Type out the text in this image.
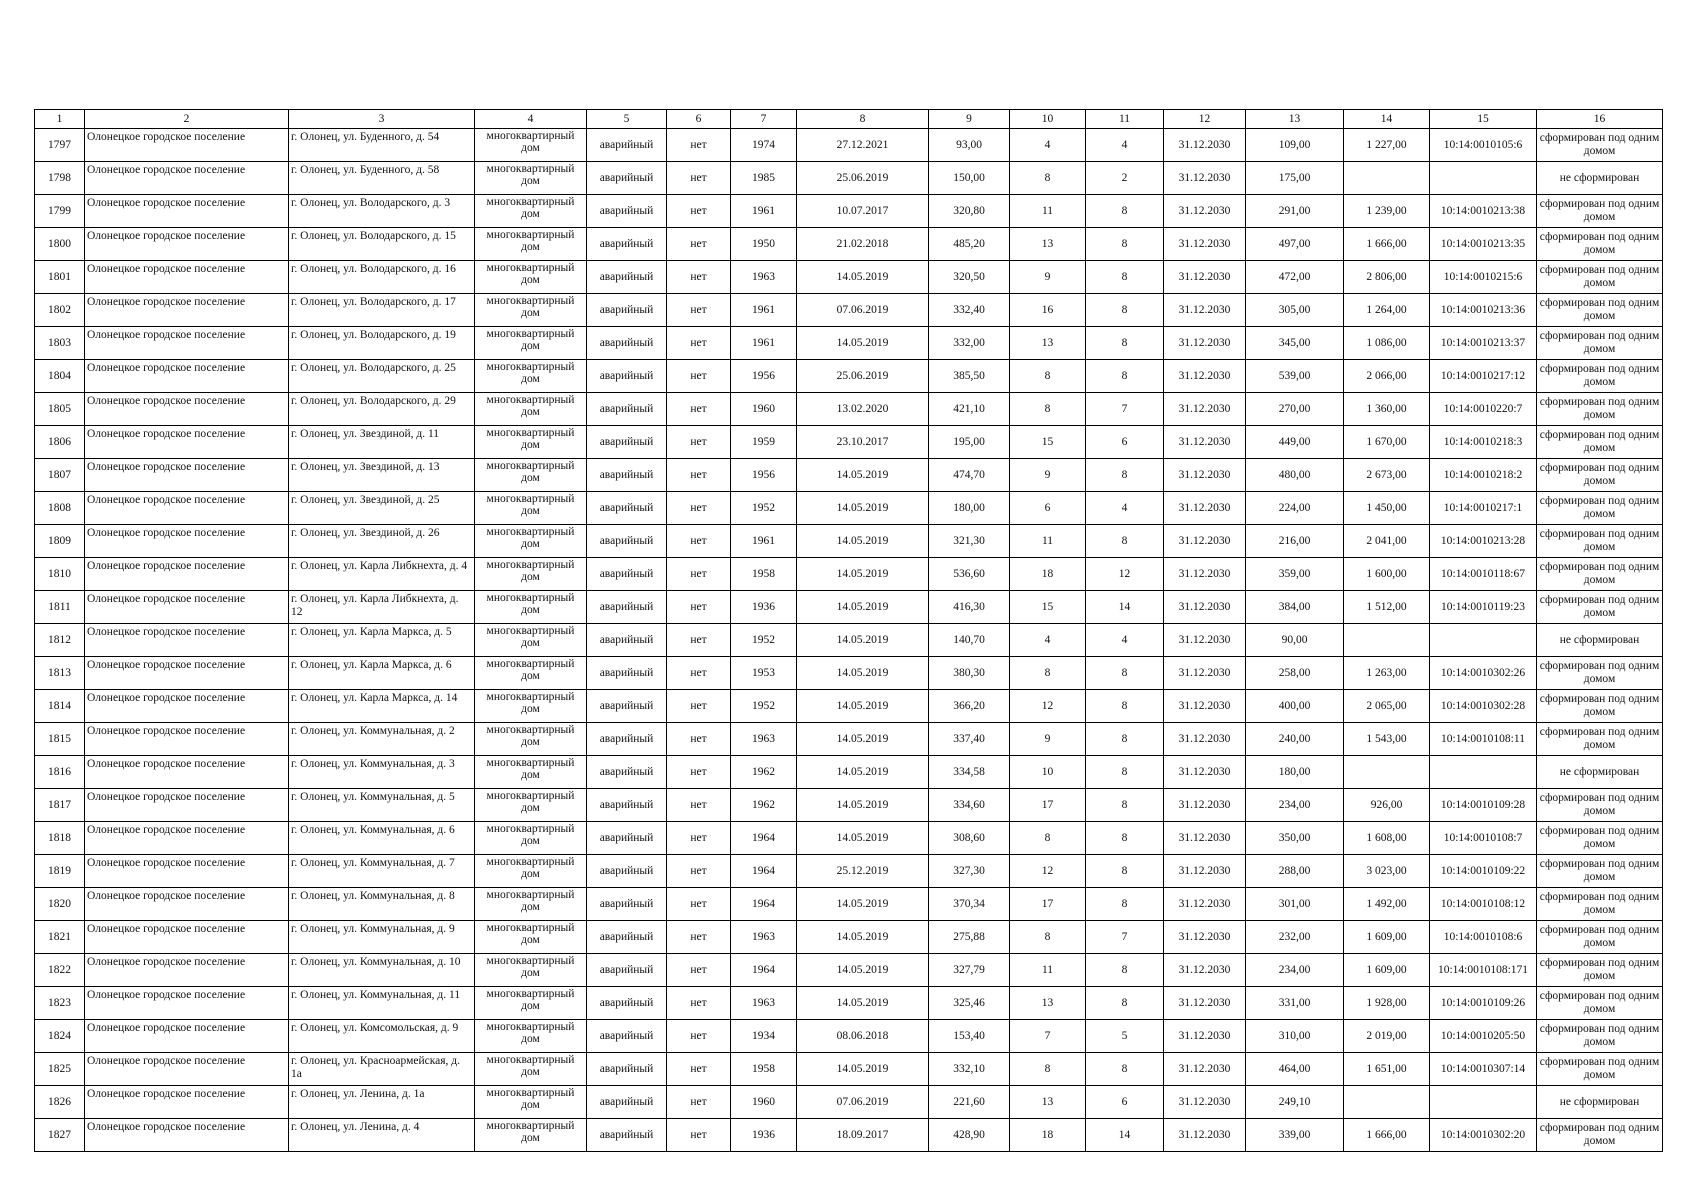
1	2	3	4	5	6	7	8	9	10	11	12	13	14	15	16
1797	Олонецкое городское поселение	г. Олонец, ул. Буденного, д. 54	многоквартирный дом	аварийный	нет	1974	27.12.2021	93,00	4	4	31.12.2030	109,00	1 227,00	10:14:0010105:6	сформирован под одним домом
1798	Олонецкое городское поселение	г. Олонец, ул. Буденного, д. 58	многоквартирный дом	аварийный	нет	1985	25.06.2019	150,00	8	2	31.12.2030	175,00			не сформирован
1799	Олонецкое городское поселение	г. Олонец, ул. Володарского, д. 3	многоквартирный дом	аварийный	нет	1961	10.07.2017	320,80	11	8	31.12.2030	291,00	1 239,00	10:14:0010213:38	сформирован под одним домом
1800	Олонецкое городское поселение	г. Олонец, ул. Володарского, д. 15	многоквартирный дом	аварийный	нет	1950	21.02.2018	485,20	13	8	31.12.2030	497,00	1 666,00	10:14:0010213:35	сформирован под одним домом
1801	Олонецкое городское поселение	г. Олонец, ул. Володарского, д. 16	многоквартирный дом	аварийный	нет	1963	14.05.2019	320,50	9	8	31.12.2030	472,00	2 806,00	10:14:0010215:6	сформирован под одним домом
1802	Олонецкое городское поселение	г. Олонец, ул. Володарского, д. 17	многоквартирный дом	аварийный	нет	1961	07.06.2019	332,40	16	8	31.12.2030	305,00	1 264,00	10:14:0010213:36	сформирован под одним домом
1803	Олонецкое городское поселение	г. Олонец, ул. Володарского, д. 19	многоквартирный дом	аварийный	нет	1961	14.05.2019	332,00	13	8	31.12.2030	345,00	1 086,00	10:14:0010213:37	сформирован под одним домом
1804	Олонецкое городское поселение	г. Олонец, ул. Володарского, д. 25	многоквартирный дом	аварийный	нет	1956	25.06.2019	385,50	8	8	31.12.2030	539,00	2 066,00	10:14:0010217:12	сформирован под одним домом
1805	Олонецкое городское поселение	г. Олонец, ул. Володарского, д. 29	многоквартирный дом	аварийный	нет	1960	13.02.2020	421,10	8	7	31.12.2030	270,00	1 360,00	10:14:0010220:7	сформирован под одним домом
1806	Олонецкое городское поселение	г. Олонец, ул. Звездиной, д. 11	многоквартирный дом	аварийный	нет	1959	23.10.2017	195,00	15	6	31.12.2030	449,00	1 670,00	10:14:0010218:3	сформирован под одним домом
1807	Олонецкое городское поселение	г. Олонец, ул. Звездиной, д. 13	многоквартирный дом	аварийный	нет	1956	14.05.2019	474,70	9	8	31.12.2030	480,00	2 673,00	10:14:0010218:2	сформирован под одним домом
1808	Олонецкое городское поселение	г. Олонец, ул. Звездиной, д. 25	многоквартирный дом	аварийный	нет	1952	14.05.2019	180,00	6	4	31.12.2030	224,00	1 450,00	10:14:0010217:1	сформирован под одним домом
1809	Олонецкое городское поселение	г. Олонец, ул. Звездиной, д. 26	многоквартирный дом	аварийный	нет	1961	14.05.2019	321,30	11	8	31.12.2030	216,00	2 041,00	10:14:0010213:28	сформирован под одним домом
1810	Олонецкое городское поселение	г. Олонец, ул. Карла Либкнехта, д. 4	многоквартирный дом	аварийный	нет	1958	14.05.2019	536,60	18	12	31.12.2030	359,00	1 600,00	10:14:0010118:67	сформирован под одним домом
1811	Олонецкое городское поселение	г. Олонец, ул. Карла Либкнехта, д. 12	многоквартирный дом	аварийный	нет	1936	14.05.2019	416,30	15	14	31.12.2030	384,00	1 512,00	10:14:0010119:23	сформирован под одним домом
1812	Олонецкое городское поселение	г. Олонец, ул. Карла Маркса, д. 5	многоквартирный дом	аварийный	нет	1952	14.05.2019	140,70	4	4	31.12.2030	90,00			не сформирован
1813	Олонецкое городское поселение	г. Олонец, ул. Карла Маркса, д. 6	многоквартирный дом	аварийный	нет	1953	14.05.2019	380,30	8	8	31.12.2030	258,00	1 263,00	10:14:0010302:26	сформирован под одним домом
1814	Олонецкое городское поселение	г. Олонец, ул. Карла Маркса, д. 14	многоквартирный дом	аварийный	нет	1952	14.05.2019	366,20	12	8	31.12.2030	400,00	2 065,00	10:14:0010302:28	сформирован под одним домом
1815	Олонецкое городское поселение	г. Олонец, ул. Коммунальная, д. 2	многоквартирный дом	аварийный	нет	1963	14.05.2019	337,40	9	8	31.12.2030	240,00	1 543,00	10:14:0010108:11	сформирован под одним домом
1816	Олонецкое городское поселение	г. Олонец, ул. Коммунальная, д. 3	многоквартирный дом	аварийный	нет	1962	14.05.2019	334,58	10	8	31.12.2030	180,00			не сформирован
1817	Олонецкое городское поселение	г. Олонец, ул. Коммунальная, д. 5	многоквартирный дом	аварийный	нет	1962	14.05.2019	334,60	17	8	31.12.2030	234,00	926,00	10:14:0010109:28	сформирован под одним домом
1818	Олонецкое городское поселение	г. Олонец, ул. Коммунальная, д. 6	многоквартирный дом	аварийный	нет	1964	14.05.2019	308,60	8	8	31.12.2030	350,00	1 608,00	10:14:0010108:7	сформирован под одним домом
1819	Олонецкое городское поселение	г. Олонец, ул. Коммунальная, д. 7	многоквартирный дом	аварийный	нет	1964	25.12.2019	327,30	12	8	31.12.2030	288,00	3 023,00	10:14:0010109:22	сформирован под одним домом
1820	Олонецкое городское поселение	г. Олонец, ул. Коммунальная, д. 8	многоквартирный дом	аварийный	нет	1964	14.05.2019	370,34	17	8	31.12.2030	301,00	1 492,00	10:14:0010108:12	сформирован под одним домом
1821	Олонецкое городское поселение	г. Олонец, ул. Коммунальная, д. 9	многоквартирный дом	аварийный	нет	1963	14.05.2019	275,88	8	7	31.12.2030	232,00	1 609,00	10:14:0010108:6	сформирован под одним домом
1822	Олонецкое городское поселение	г. Олонец, ул. Коммунальная, д. 10	многоквартирный дом	аварийный	нет	1964	14.05.2019	327,79	11	8	31.12.2030	234,00	1 609,00	10:14:0010108:171	сформирован под одним домом
1823	Олонецкое городское поселение	г. Олонец, ул. Коммунальная, д. 11	многоквартирный дом	аварийный	нет	1963	14.05.2019	325,46	13	8	31.12.2030	331,00	1 928,00	10:14:0010109:26	сформирован под одним домом
1824	Олонецкое городское поселение	г. Олонец, ул. Комсомольская, д. 9	многоквартирный дом	аварийный	нет	1934	08.06.2018	153,40	7	5	31.12.2030	310,00	2 019,00	10:14:0010205:50	сформирован под одним домом
1825	Олонецкое городское поселение	г. Олонец, ул. Красноармейская, д. 1а	многоквартирный дом	аварийный	нет	1958	14.05.2019	332,10	8	8	31.12.2030	464,00	1 651,00	10:14:0010307:14	сформирован под одним домом
1826	Олонецкое городское поселение	г. Олонец, ул. Ленина, д. 1а	многоквартирный дом	аварийный	нет	1960	07.06.2019	221,60	13	6	31.12.2030	249,10			не сформирован
1827	Олонецкое городское поселение	г. Олонец, ул. Ленина, д. 4	многоквартирный дом	аварийный	нет	1936	18.09.2017	428,90	18	14	31.12.2030	339,00	1 666,00	10:14:0010302:20	сформирован под одним домом
